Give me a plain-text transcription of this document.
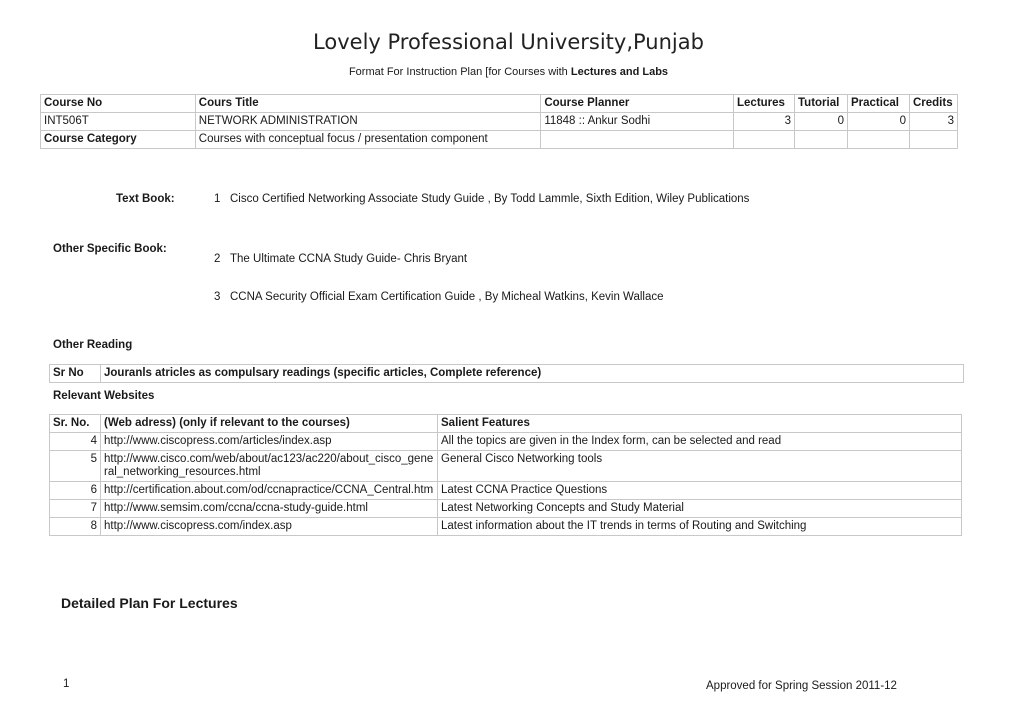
Lovely Professional University,Punjab
Format For Instruction Plan [for Courses with Lectures and Labs
Course No	Cours Title	Course Planner	Lectures	Tutorial	Practical	Credits
INT506T	NETWORK ADMINISTRATION	11848 :: Ankur Sodhi	3	0	0	3
Course Category	Courses with conceptual focus / presentation component					
Text Book:	1 Cisco Certified Networking Associate Study Guide , By Todd Lammle, Sixth Edition, Wiley Publications
Other Specific Book:
2 The Ultimate CCNA Study Guide- Chris Bryant
3 CCNA Security Official Exam Certification Guide , By Micheal Watkins, Kevin Wallace
Other Reading
Sr No	Jouranls atricles as compulsary readings (specific articles, Complete reference)
Relevant Websites
Sr. No.	(Web adress) (only if relevant to the courses)	Salient Features
4	http://www.ciscopress.com/articles/index.asp	All the topics are given in the Index form, can be selected and read
5	http://www.cisco.com/web/about/ac123/ac220/about_cisco_general_networking_resources.html	General Cisco Networking tools
6	http://certification.about.com/od/ccnapractice/CCNA_Central.htm	Latest CCNA Practice Questions
7	http://www.semsim.com/ccna/ccna-study-guide.html	Latest Networking Concepts and Study Material
8	http://www.ciscopress.com/index.asp	Latest information about the IT trends in terms of Routing and Switching
Detailed Plan For Lectures
1	Approved for Spring Session 2011-12
